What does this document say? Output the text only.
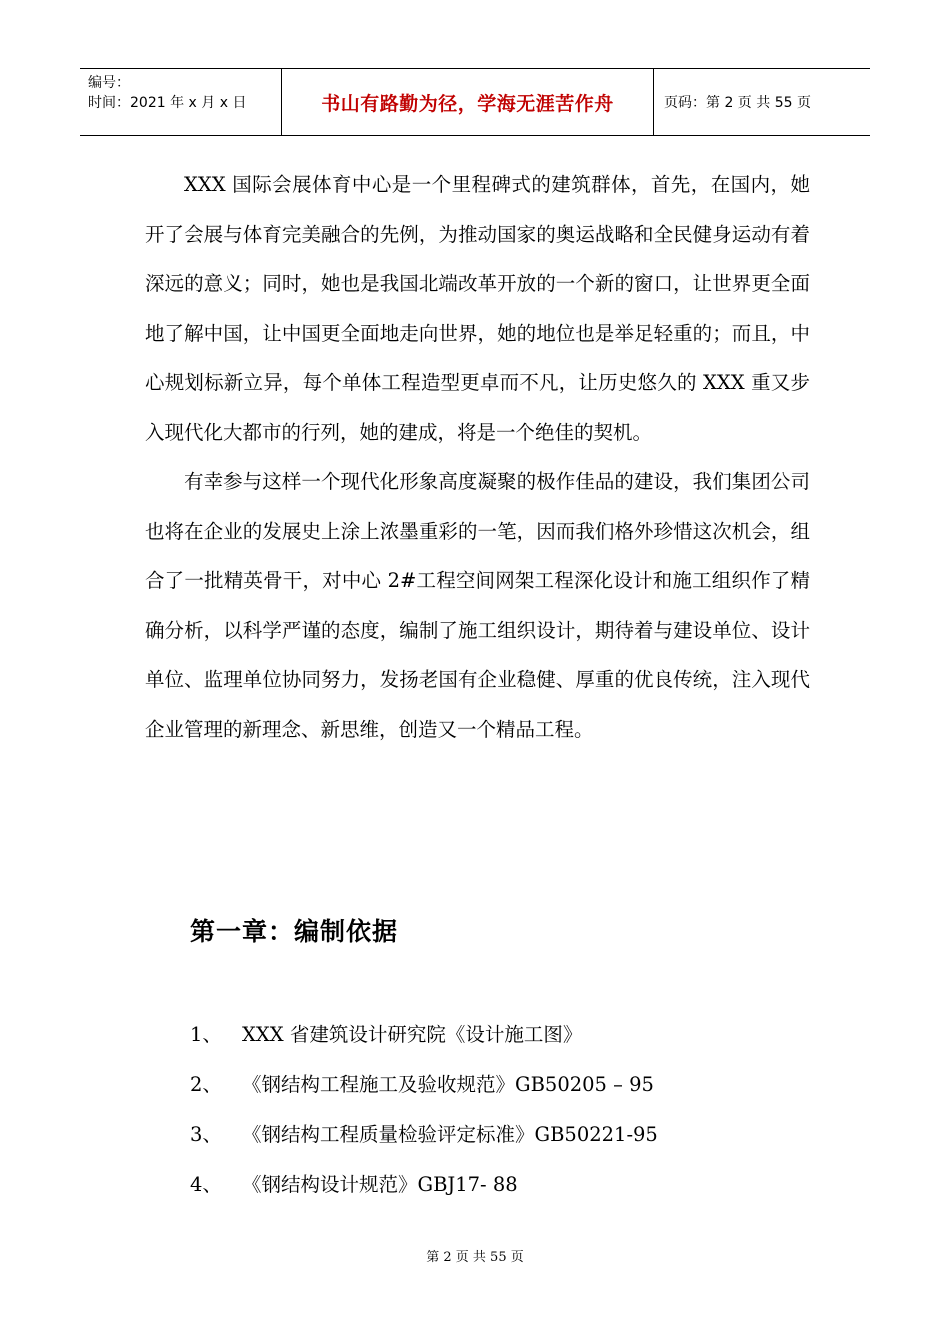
编号：
时间：2021 年 x 月 x 日	书山有路勤为径，学海无涯苦作舟	页码：第 2 页 共 55 页

XXX 国际会展体育中心是一个里程碑式的建筑群体，首先，在国内，她开了会展与体育完美融合的先例，为推动国家的奥运战略和全民健身运动有着深远的意义；同时，她也是我国北端改革开放的一个新的窗口，让世界更全面地了解中国，让中国更全面地走向世界，她的地位也是举足轻重的；而且，中心规划标新立异，每个单体工程造型更卓而不凡，让历史悠久的 XXX 重又步入现代化大都市的行列，她的建成，将是一个绝佳的契机。

有幸参与这样一个现代化形象高度凝聚的极作佳品的建设，我们集团公司也将在企业的发展史上涂上浓墨重彩的一笔，因而我们格外珍惜这次机会，组合了一批精英骨干，对中心 2#工程空间网架工程深化设计和施工组织作了精确分析，以科学严谨的态度，编制了施工组织设计，期待着与建设单位、设计单位、监理单位协同努力，发扬老国有企业稳健、厚重的优良传统，注入现代企业管理的新理念、新思维，创造又一个精品工程。

第一章：编制依据
1、 XXX 省建筑设计研究院《设计施工图》
2、 《钢结构工程施工及验收规范》GB50205 – 95
3、 《钢结构工程质量检验评定标准》GB50221-95
4、 《钢结构设计规范》GBJ17- 88
第 2 页 共 55 页
